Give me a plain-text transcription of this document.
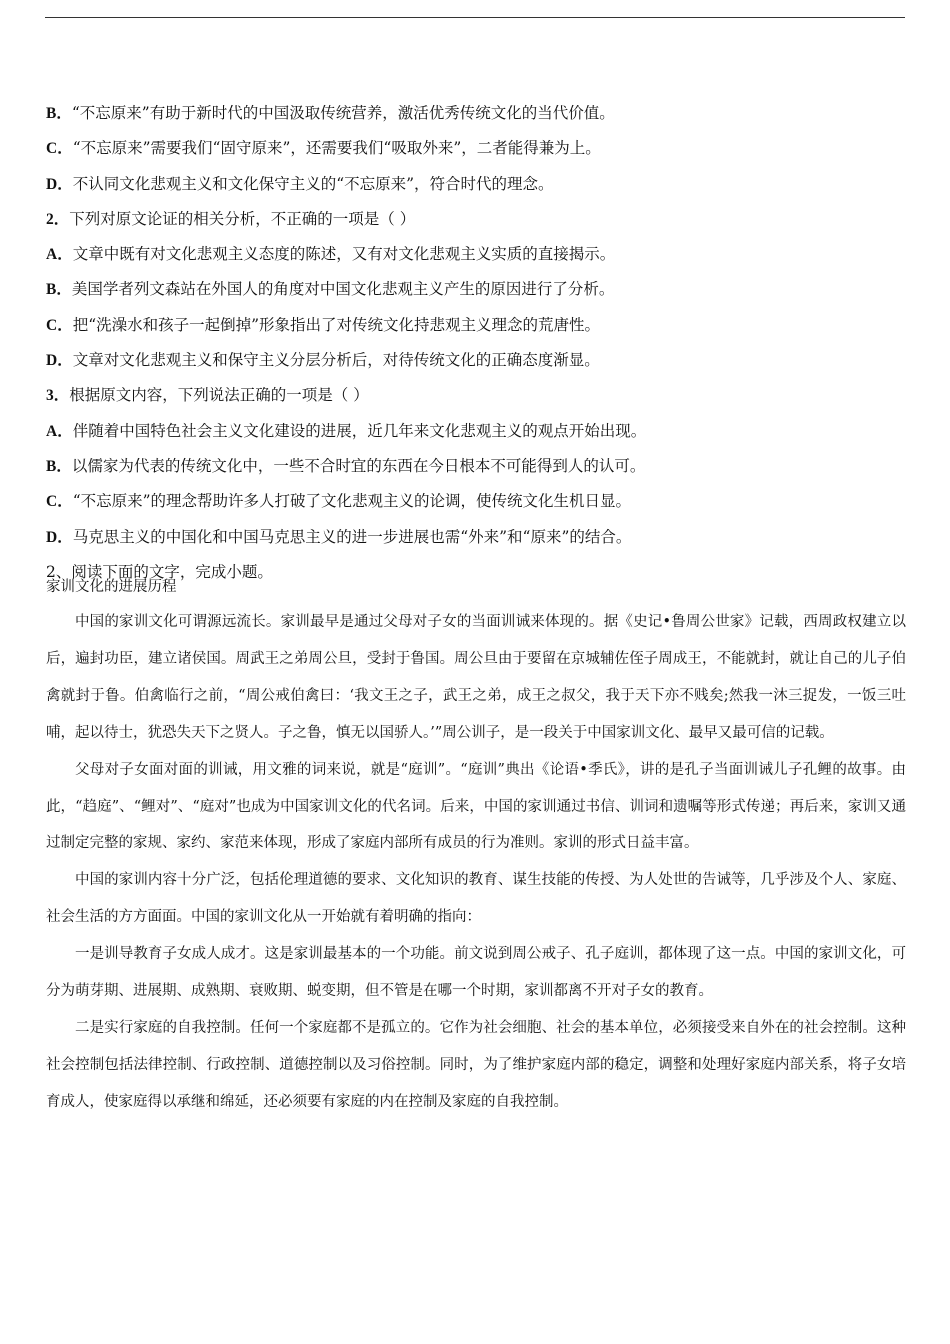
B．“不忘原来”有助于新时代的中国汲取传统营养，激活优秀传统文化的当代价值。
C．“不忘原来”需要我们“固守原来”，还需要我们“吸取外来”，二者能得兼为上。
D．不认同文化悲观主义和文化保守主义的“不忘原来”，符合时代的理念。
2．下列对原文论证的相关分析，不正确的一项是（ ）
A．文章中既有对文化悲观主义态度的陈述，又有对文化悲观主义实质的直接揭示。
B．美国学者列文森站在外国人的角度对中国文化悲观主义产生的原因进行了分析。
C．把“洗澡水和孩子一起倒掉”形象指出了对传统文化持悲观主义理念的荒唐性。
D．文章对文化悲观主义和保守主义分层分析后，对待传统文化的正确态度渐显。
3．根据原文内容，下列说法正确的一项是（ ）
A．伴随着中国特色社会主义文化建设的进展，近几年来文化悲观主义的观点开始出现。
B．以儒家为代表的传统文化中，一些不合时宜的东西在今日根本不可能得到人的认可。
C．“不忘原来”的理念帮助许多人打破了文化悲观主义的论调，使传统文化生机日显。
D．马克思主义的中国化和中国马克思主义的进一步进展也需“外来”和“原来”的结合。
2、阅读下面的文字，完成小题。
家训文化的进展历程

中国的家训文化可谓源远流长。家训最早是通过父母对子女的当面训诫来体现的。据《史记•鲁周公世家》记载，西周政权建立以后，遍封功臣，建立诸侯国。周武王之弟周公旦，受封于鲁国。周公旦由于要留在京城辅佐侄子周成王，不能就封，就让自己的儿子伯禽就封于鲁。伯禽临行之前，“周公戒伯禽曰：‘我文王之子，武王之弟，成王之叔父，我于天下亦不贱矣;然我一沐三捉发，一饭三吐哺，起以待士，犹恐失天下之贤人。子之鲁，慎无以国骄人。’”周公训子，是一段关于中国家训文化、最早又最可信的记载。

父母对子女面对面的训诫，用文雅的词来说，就是“庭训”。“庭训”典出《论语•季氏》，讲的是孔子当面训诫儿子孔鲤的故事。由此，“趋庭”、“鲤对”、“庭对”也成为中国家训文化的代名词。后来，中国的家训通过书信、训词和遗嘱等形式传递；再后来，家训又通过制定完整的家规、家约、家范来体现，形成了家庭内部所有成员的行为准则。家训的形式日益丰富。

中国的家训内容十分广泛，包括伦理道德的要求、文化知识的教育、谋生技能的传授、为人处世的告诫等，几乎涉及个人、家庭、社会生活的方方面面。中国的家训文化从一开始就有着明确的指向：

一是训导教育子女成人成才。这是家训最基本的一个功能。前文说到周公戒子、孔子庭训，都体现了这一点。中国的家训文化，可分为萌芽期、进展期、成熟期、衰败期、蜕变期，但不管是在哪一个时期，家训都离不开对子女的教育。

二是实行家庭的自我控制。任何一个家庭都不是孤立的。它作为社会细胞、社会的基本单位，必须接受来自外在的社会控制。这种社会控制包括法律控制、行政控制、道德控制以及习俗控制。同时，为了维护家庭内部的稳定，调整和处理好家庭内部关系，将子女培育成人，使家庭得以承继和绵延，还必须要有家庭的内在控制及家庭的自我控制。
